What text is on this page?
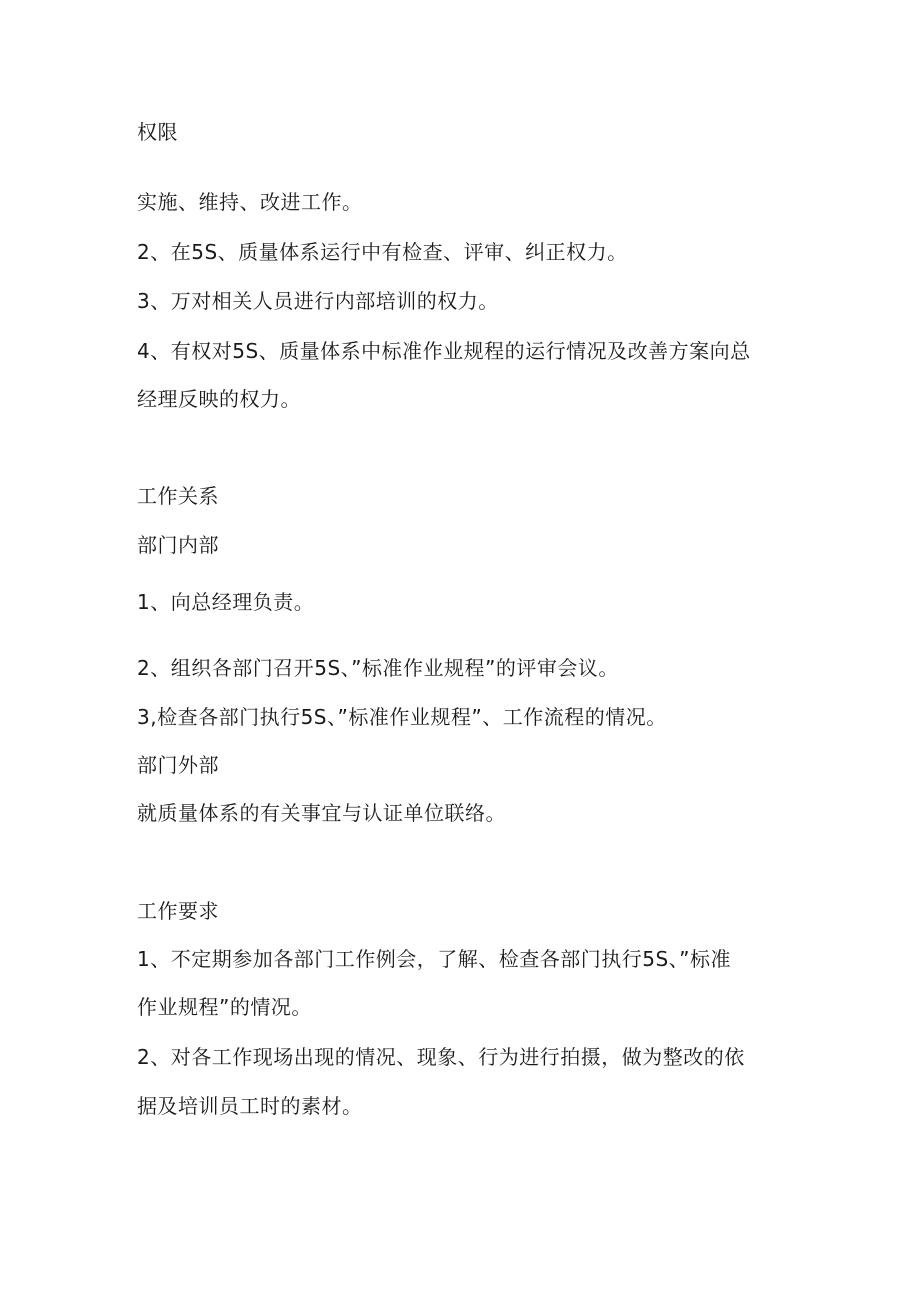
权限
实施、维持、改进工作。
2、在5S、质量体系运行中有检查、评审、纠正权力。
3、万对相关人员进行内部培训的权力。
4、有权对5S、质量体系中标准作业规程的运行情况及改善方案向总
经理反映的权力。
工作关系
部门内部
1、向总经理负责。
2、组织各部门召开5S、”标准作业规程”的评审会议。
3,检查各部门执行5S、”标准作业规程”、工作流程的情况。
部门外部
就质量体系的有关事宜与认证单位联络。
工作要求
1、不定期参加各部门工作例会，了解、检查各部门执行5S、”标准
作业规程”的情况。
2、对各工作现场出现的情况、现象、行为进行拍摄，做为整改的依
据及培训员工时的素材。
